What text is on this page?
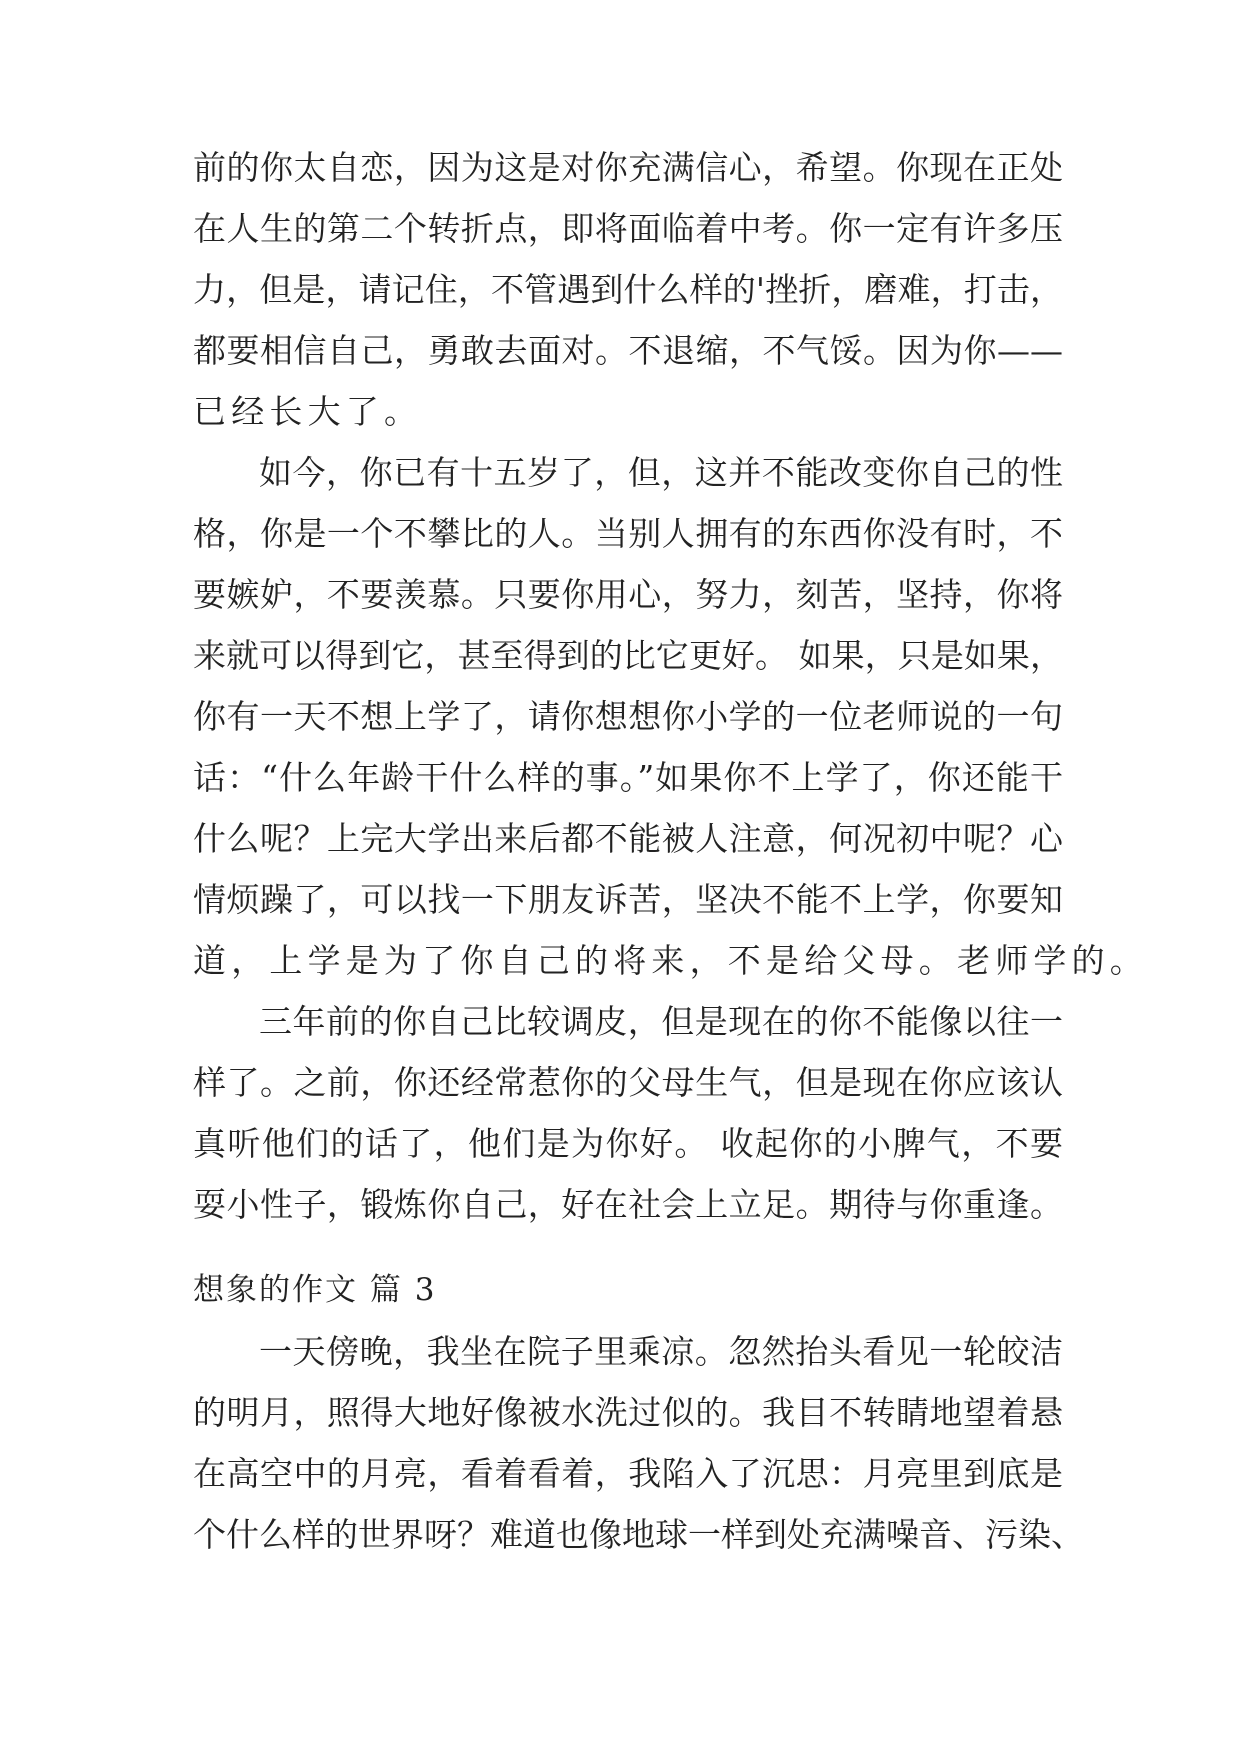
前的你太自恋，因为这是对你充满信心，希望。你现在正处
在人生的第二个转折点，即将面临着中考。你一定有许多压
力，但是，请记住，不管遇到什么样的'挫折，磨难，打击，
都要相信自己，勇敢去面对。不退缩，不气馁。因为你——
已经长大了。
如今，你已有十五岁了，但，这并不能改变你自己的性
格，你是一个不攀比的人。当别人拥有的东西你没有时，不
要嫉妒，不要羡慕。只要你用心，努力，刻苦，坚持，你将
来就可以得到它，甚至得到的比它更好。 如果，只是如果，
你有一天不想上学了，请你想想你小学的一位老师说的一句
话：“什么年龄干什么样的事。”如果你不上学了，你还能干
什么呢？上完大学出来后都不能被人注意，何况初中呢？心
情烦躁了，可以找一下朋友诉苦，坚决不能不上学，你要知
道，上学是为了你自己的将来，不是给父母。老师学的。
三年前的你自己比较调皮，但是现在的你不能像以往一
样了。之前，你还经常惹你的父母生气，但是现在你应该认
真听他们的话了，他们是为你好。 收起你的小脾气，不要
耍小性子，锻炼你自己，好在社会上立足。期待与你重逢。
想象的作文 篇 3
一天傍晚，我坐在院子里乘凉。忽然抬头看见一轮皎洁
的明月，照得大地好像被水洗过似的。我目不转睛地望着悬
在高空中的月亮，看着看着，我陷入了沉思：月亮里到底是
个什么样的世界呀？难道也像地球一样到处充满噪音、污染、
